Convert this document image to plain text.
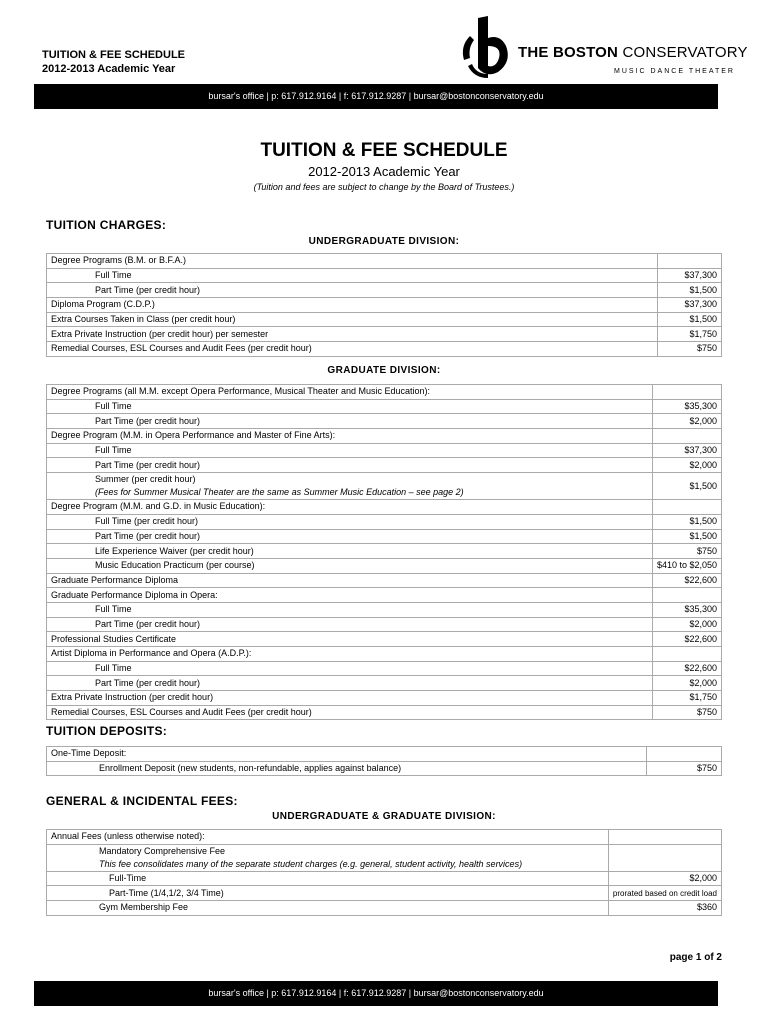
TUITION & FEE SCHEDULE
2012-2013 Academic Year
THE BOSTON CONSERVATORY
MUSIC DANCE THEATER
bursar's office | p: 617.912.9164 | f: 617.912.9287 | bursar@bostonconservatory.edu
TUITION & FEE SCHEDULE
2012-2013 Academic Year
(Tuition and fees are subject to change by the Board of Trustees.)
TUITION CHARGES:
UNDERGRADUATE DIVISION:
Degree Programs (B.M. or B.F.A.)	
Full Time	$37,300
Part Time (per credit hour)	$1,500
Diploma Program (C.D.P.)	$37,300
Extra Courses Taken in Class (per credit hour)	$1,500
Extra Private Instruction (per credit hour) per semester	$1,750
Remedial Courses, ESL Courses and Audit Fees (per credit hour)	$750
GRADUATE DIVISION:
Degree Programs (all M.M. except Opera Performance, Musical Theater and Music Education):	
Full Time	$35,300
Part Time (per credit hour)	$2,000
Degree Program (M.M. in Opera Performance and Master of Fine Arts):	
Full Time	$37,300
Part Time (per credit hour)	$2,000
Summer (per credit hour)
(Fees for Summer Musical Theater are the same as Summer Music Education – see page 2)	$1,500
Degree Program (M.M. and G.D. in Music Education):	
Full Time (per credit hour)	$1,500
Part Time (per credit hour)	$1,500
Life Experience Waiver (per credit hour)	$750
Music Education Practicum (per course)	$410 to $2,050
Graduate Performance Diploma	$22,600
Graduate Performance Diploma in Opera:	
Full Time	$35,300
Part Time (per credit hour)	$2,000
Professional Studies Certificate	$22,600
Artist Diploma in Performance and Opera (A.D.P.):	
Full Time	$22,600
Part Time (per credit hour)	$2,000
Extra Private Instruction (per credit hour)	$1,750
Remedial Courses, ESL Courses and Audit Fees (per credit hour)	$750
TUITION DEPOSITS:
One-Time Deposit:	
Enrollment Deposit (new students, non-refundable, applies against balance)	$750
GENERAL & INCIDENTAL FEES:
UNDERGRADUATE & GRADUATE DIVISION:
Annual Fees (unless otherwise noted):	
Mandatory Comprehensive Fee
This fee consolidates many of the separate student charges (e.g. general, student activity, health services)	
Full-Time	$2,000
Part-Time (1/4,1/2, 3/4 Time)	prorated based on credit load
Gym Membership Fee	$360
page 1 of 2
bursar's office | p: 617.912.9164 | f: 617.912.9287 | bursar@bostonconservatory.edu
